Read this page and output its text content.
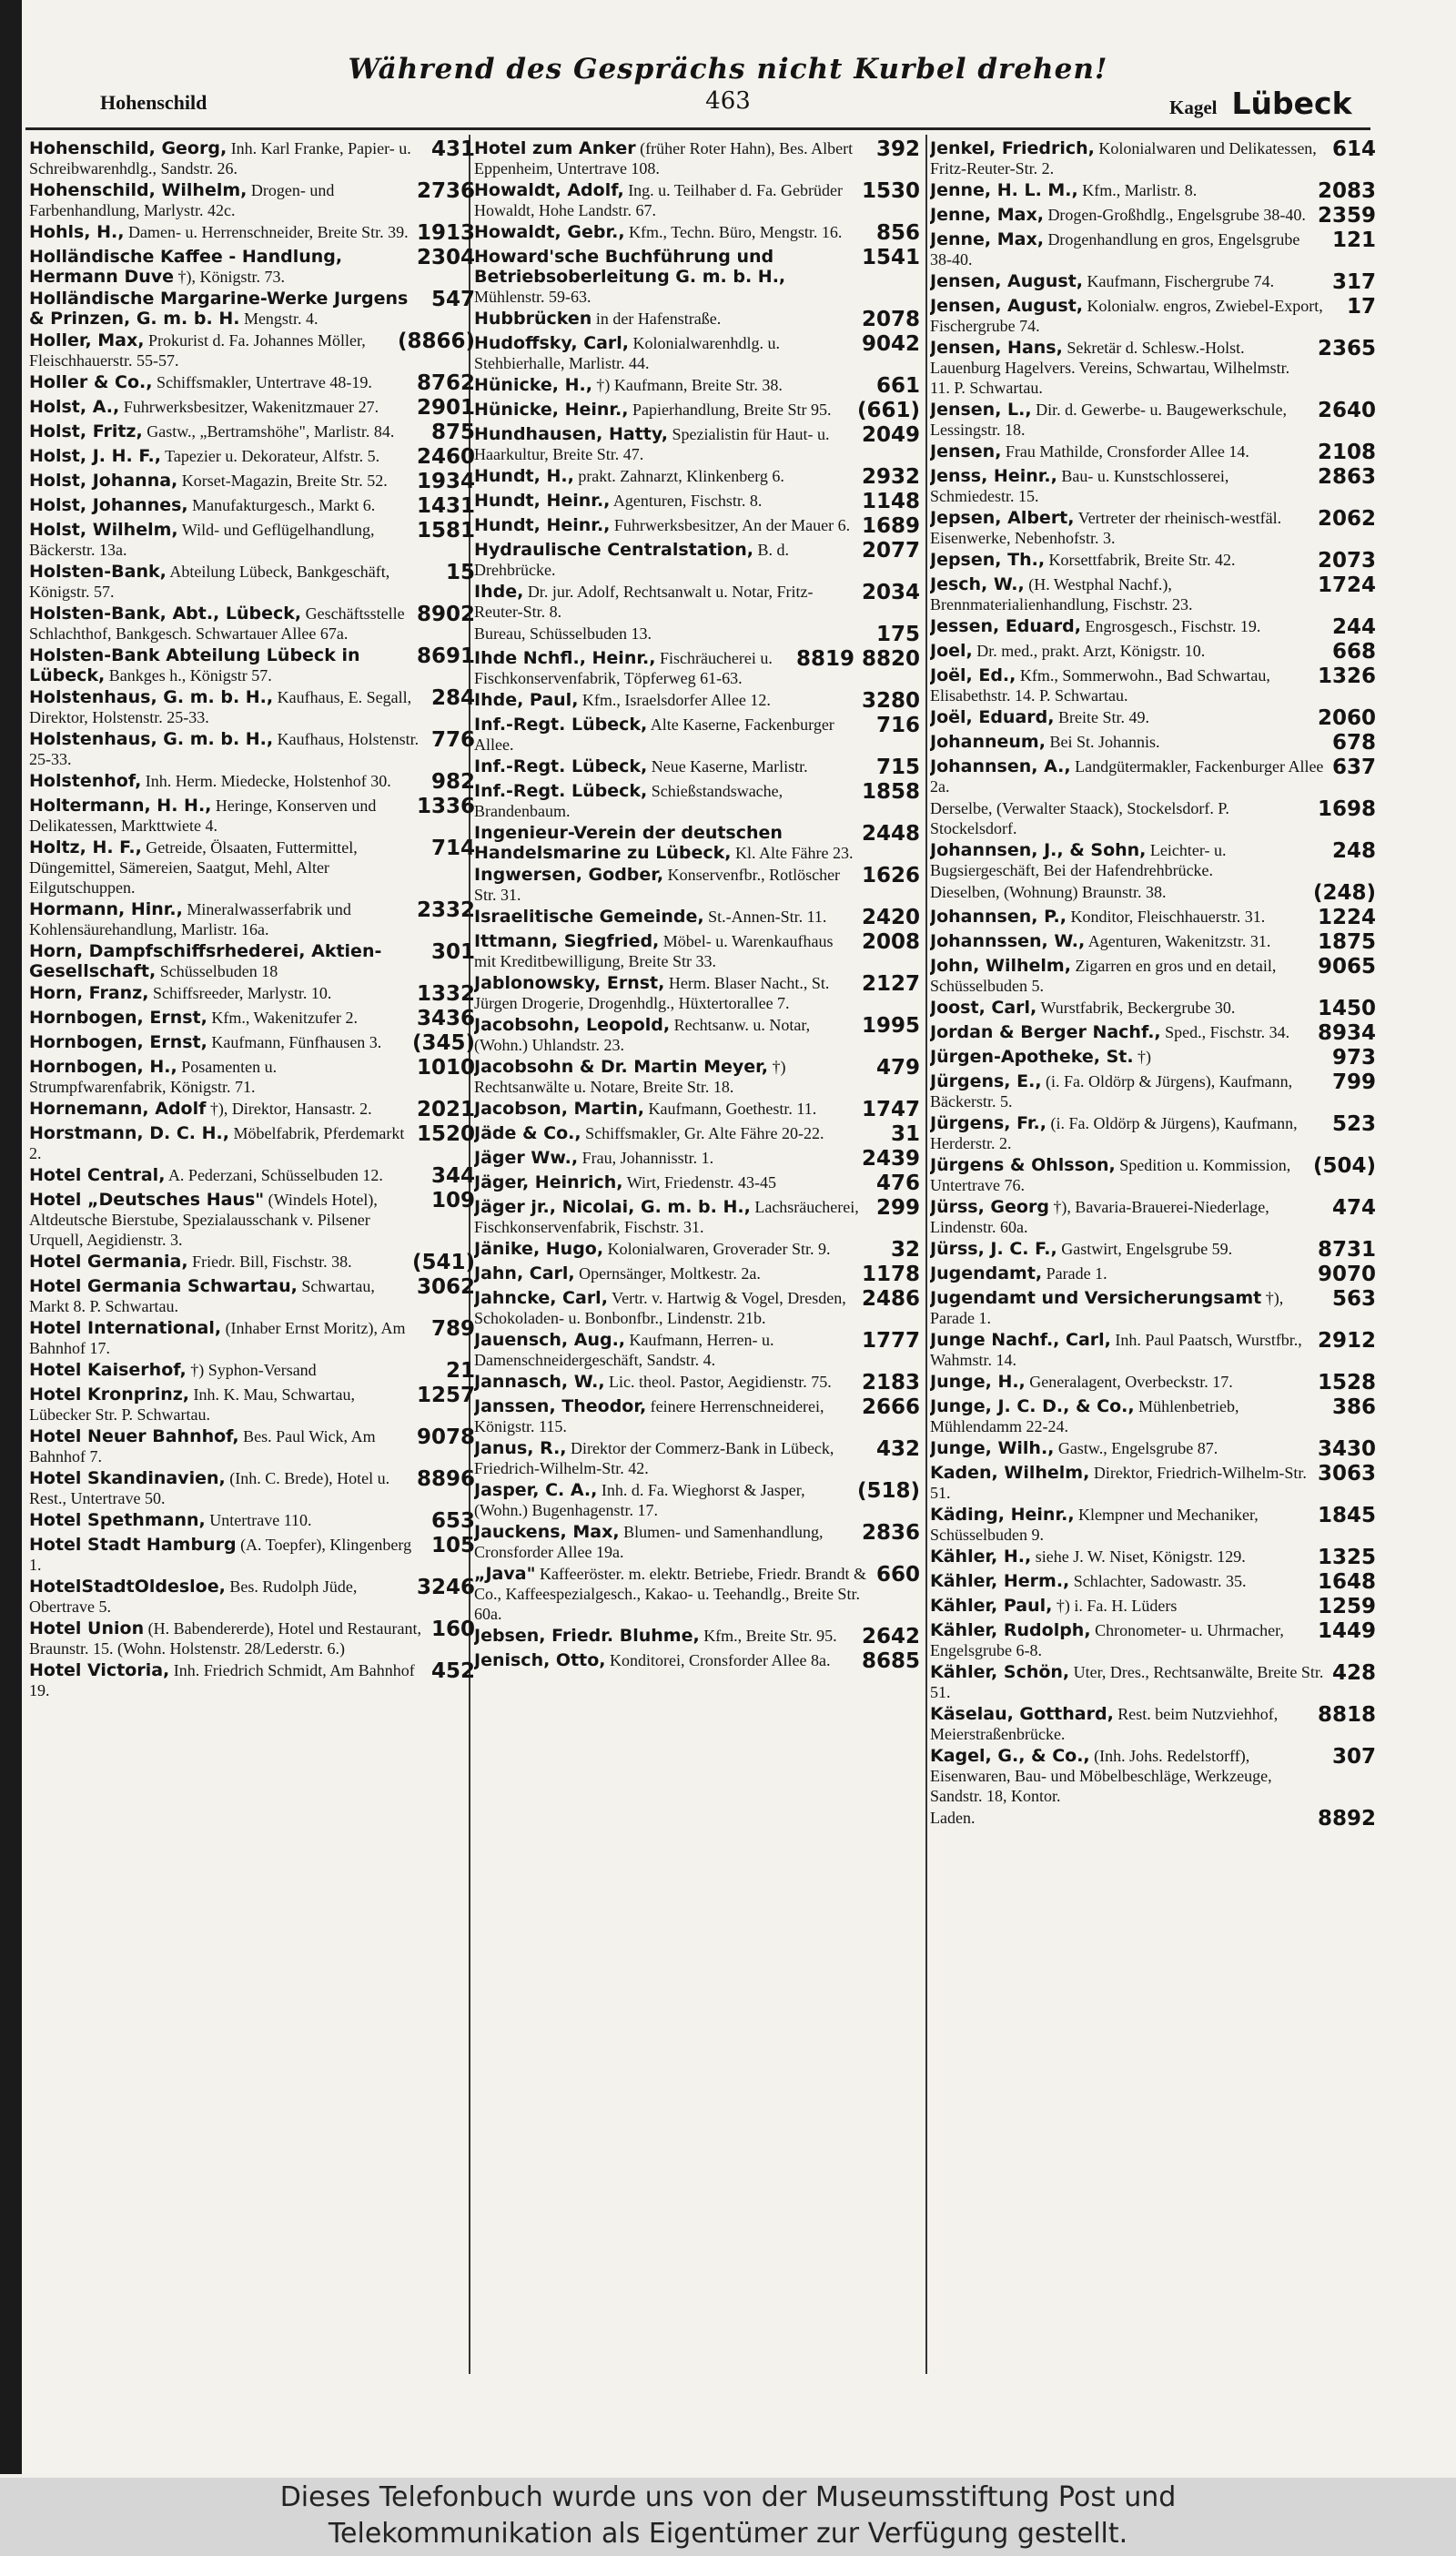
Während des Gesprächs nicht Kurbel drehen!
Hohenschild	463	Kagel Lübeck
431
Hohenschild, Georg, Inh. Karl Franke, Papier- u. Schreibwarenhdlg., Sandstr. 26.
2736
Hohenschild, Wilhelm, Drogen- und Farbenhandlung, Marlystr. 42c.
1913
Hohls, H., Damen- u. Herrenschneider, Breite Str. 39.
2304
Holländische Kaffee - Handlung, Hermann Duve †), Königstr. 73.
547
Holländische Margarine-Werke Jurgens & Prinzen, G. m. b. H. Mengstr. 4.
(8866)
Holler, Max, Prokurist d. Fa. Johannes Möller, Fleischhauerstr. 55-57.
8762
Holler & Co., Schiffsmakler, Untertrave 48-19.
2901
Holst, A., Fuhrwerksbesitzer, Wakenitzmauer 27.
875
Holst, Fritz, Gastw., „Bertramshöhe", Marlistr. 84.
2460
Holst, J. H. F., Tapezier u. Dekorateur, Alfstr. 5.
1934
Holst, Johanna, Korset-Magazin, Breite Str. 52.
1431
Holst, Johannes, Manufakturgesch., Markt 6.
1581
Holst, Wilhelm, Wild- und Geflügelhandlung, Bäckerstr. 13a.
15
Holsten-Bank, Abteilung Lübeck, Bankgeschäft, Königstr. 57.
8902
Holsten-Bank, Abt., Lübeck, Geschäftsstelle Schlachthof, Bankgesch. Schwartauer Allee 67a.
8691
Holsten-Bank Abteilung Lübeck in Lübeck, Bankges h., Königstr 57.
284
Holstenhaus, G. m. b. H., Kaufhaus, E. Segall, Direktor, Holstenstr. 25-33.
776
Holstenhaus, G. m. b. H., Kaufhaus, Holstenstr. 25-33.
982
Holstenhof, Inh. Herm. Miedecke, Holstenhof 30.
1336
Holtermann, H. H., Heringe, Konserven und Delikatessen, Markttwiete 4.
714
Holtz, H. F., Getreide, Ölsaaten, Futtermittel, Düngemittel, Sämereien, Saatgut, Mehl, Alter Eilgutschuppen.
2332
Hormann, Hinr., Mineralwasserfabrik und Kohlensäurehandlung, Marlistr. 16a.
301
Horn, Dampfschiffsrhederei, Aktien-Gesellschaft, Schüsselbuden 18
1332
Horn, Franz, Schiffsreeder, Marlystr. 10.
3436
Hornbogen, Ernst, Kfm., Wakenitzufer 2.
(345)
Hornbogen, Ernst, Kaufmann, Fünfhausen 3.
1010
Hornbogen, H., Posamenten u. Strumpfwarenfabrik, Königstr. 71.
2021
Hornemann, Adolf †), Direktor, Hansastr. 2.
1520
Horstmann, D. C. H., Möbelfabrik, Pferdemarkt 2.
344
Hotel Central, A. Pederzani, Schüsselbuden 12.
109
Hotel „Deutsches Haus" (Windels Hotel), Altdeutsche Bierstube, Spezialausschank v. Pilsener Urquell, Aegidienstr. 3.
(541)
Hotel Germania, Friedr. Bill, Fischstr. 38.
3062
Hotel Germania Schwartau, Schwartau, Markt 8. P. Schwartau.
789
Hotel International, (Inhaber Ernst Moritz), Am Bahnhof 17.
21
Hotel Kaiserhof, †) Syphon-Versand
1257
Hotel Kronprinz, Inh. K. Mau, Schwartau, Lübecker Str. P. Schwartau.
9078
Hotel Neuer Bahnhof, Bes. Paul Wick, Am Bahnhof 7.
8896
Hotel Skandinavien, (Inh. C. Brede), Hotel u. Rest., Untertrave 50.
653
Hotel Spethmann, Untertrave 110.
105
Hotel Stadt Hamburg (A. Toepfer), Klingenberg 1.
3246
HotelStadtOldesloe, Bes. Rudolph Jüde, Obertrave 5.
160
Hotel Union (H. Babendererde), Hotel und Restaurant, Braunstr. 15. (Wohn. Holstenstr. 28/Lederstr. 6.)
452
Hotel Victoria, Inh. Friedrich Schmidt, Am Bahnhof 19.
392
Hotel zum Anker (früher Roter Hahn), Bes. Albert Eppenheim, Untertrave 108.
1530
Howaldt, Adolf, Ing. u. Teilhaber d. Fa. Gebrüder Howaldt, Hohe Landstr. 67.
856
Howaldt, Gebr., Kfm., Techn. Büro, Mengstr. 16.
1541
Howard'sche Buchführung und Betriebsoberleitung G. m. b. H., Mühlenstr. 59-63.
2078
Hubbrücken in der Hafenstraße.
9042
Hudoffsky, Carl, Kolonialwarenhdlg. u. Stehbierhalle, Marlistr. 44.
661
Hünicke, H., †) Kaufmann, Breite Str. 38.
(661)
Hünicke, Heinr., Papierhandlung, Breite Str 95.
2049
Hundhausen, Hatty, Spezialistin für Haut- u. Haarkultur, Breite Str. 47.
2932
Hundt, H., prakt. Zahnarzt, Klinkenberg 6.
1148
Hundt, Heinr., Agenturen, Fischstr. 8.
1689
Hundt, Heinr., Fuhrwerksbesitzer, An der Mauer 6.
2077
Hydraulische Centralstation, B. d. Drehbrücke.
2034
Ihde, Dr. jur. Adolf, Rechtsanwalt u. Notar, Fritz-Reuter-Str. 8.
175
Bureau, Schüsselbuden 13.
8819 8820
Ihde Nchfl., Heinr., Fischräucherei u. Fischkonservenfabrik, Töpferweg 61-63.
3280
Ihde, Paul, Kfm., Israelsdorfer Allee 12.
716
Inf.-Regt. Lübeck, Alte Kaserne, Fackenburger Allee.
715
Inf.-Regt. Lübeck, Neue Kaserne, Marlistr.
1858
Inf.-Regt. Lübeck, Schießstandswache, Brandenbaum.
2448
Ingenieur-Verein der deutschen Handelsmarine zu Lübeck, Kl. Alte Fähre 23.
1626
Ingwersen, Godber, Konservenfbr., Rotlöscher Str. 31.
2420
Israelitische Gemeinde, St.-Annen-Str. 11.
2008
Ittmann, Siegfried, Möbel- u. Warenkaufhaus mit Kreditbewilligung, Breite Str 33.
2127
Jablonowsky, Ernst, Herm. Blaser Nacht., St. Jürgen Drogerie, Drogenhdlg., Hüxtertorallee 7.
1995
Jacobsohn, Leopold, Rechtsanw. u. Notar, (Wohn.) Uhlandstr. 23.
479
Jacobsohn & Dr. Martin Meyer, †) Rechtsanwälte u. Notare, Breite Str. 18.
1747
Jacobson, Martin, Kaufmann, Goethestr. 11.
31
Jäde & Co., Schiffsmakler, Gr. Alte Fähre 20-22.
2439
Jäger Ww., Frau, Johannisstr. 1.
476
Jäger, Heinrich, Wirt, Friedenstr. 43-45
299
Jäger jr., Nicolai, G. m. b. H., Lachsräucherei, Fischkonservenfabrik, Fischstr. 31.
32
Jänike, Hugo, Kolonialwaren, Groverader Str. 9.
1178
Jahn, Carl, Opernsänger, Moltkestr. 2a.
2486
Jahncke, Carl, Vertr. v. Hartwig & Vogel, Dresden, Schokoladen- u. Bonbonfbr., Lindenstr. 21b.
1777
Jauensch, Aug., Kaufmann, Herren- u. Damenschneidergeschäft, Sandstr. 4.
2183
Jannasch, W., Lic. theol. Pastor, Aegidienstr. 75.
2666
Janssen, Theodor, feinere Herrenschneiderei, Königstr. 115.
432
Janus, R., Direktor der Commerz-Bank in Lübeck, Friedrich-Wilhelm-Str. 42.
(518)
Jasper, C. A., Inh. d. Fa. Wieghorst & Jasper, (Wohn.) Bugenhagenstr. 17.
2836
Jauckens, Max, Blumen- und Samenhandlung, Cronsforder Allee 19a.
660
„Java" Kaffeeröster. m. elektr. Betriebe, Friedr. Brandt & Co., Kaffeespezialgesch., Kakao- u. Teehandlg., Breite Str. 60a.
2642
Jebsen, Friedr. Bluhme, Kfm., Breite Str. 95.
8685
Jenisch, Otto, Konditorei, Cronsforder Allee 8a.
614
Jenkel, Friedrich, Kolonialwaren und Delikatessen, Fritz-Reuter-Str. 2.
2083
Jenne, H. L. M., Kfm., Marlistr. 8.
2359
Jenne, Max, Drogen-Großhdlg., Engelsgrube 38-40.
121
Jenne, Max, Drogenhandlung en gros, Engelsgrube 38-40.
317
Jensen, August, Kaufmann, Fischergrube 74.
17
Jensen, August, Kolonialw. engros, Zwiebel-Export, Fischergrube 74.
2365
Jensen, Hans, Sekretär d. Schlesw.-Holst. Lauenburg Hagelvers. Vereins, Schwartau, Wilhelmstr. 11. P. Schwartau.
2640
Jensen, L., Dir. d. Gewerbe- u. Baugewerkschule, Lessingstr. 18.
2108
Jensen, Frau Mathilde, Cronsforder Allee 14.
2863
Jenss, Heinr., Bau- u. Kunstschlosserei, Schmiedestr. 15.
2062
Jepsen, Albert, Vertreter der rheinisch-westfäl. Eisenwerke, Nebenhofstr. 3.
2073
Jepsen, Th., Korsettfabrik, Breite Str. 42.
1724
Jesch, W., (H. Westphal Nachf.), Brennmaterialienhandlung, Fischstr. 23.
244
Jessen, Eduard, Engrosgesch., Fischstr. 19.
668
Joel, Dr. med., prakt. Arzt, Königstr. 10.
1326
Joël, Ed., Kfm., Sommerwohn., Bad Schwartau, Elisabethstr. 14. P. Schwartau.
2060
Joël, Eduard, Breite Str. 49.
678
Johanneum, Bei St. Johannis.
637
Johannsen, A., Landgütermakler, Fackenburger Allee 2a.
1698
Derselbe, (Verwalter Staack), Stockelsdorf. P. Stockelsdorf.
248
Johannsen, J., & Sohn, Leichter- u. Bugsiergeschäft, Bei der Hafendrehbrücke.
(248)
Dieselben, (Wohnung) Braunstr. 38.
1224
Johannsen, P., Konditor, Fleischhauerstr. 31.
1875
Johannssen, W., Agenturen, Wakenitzstr. 31.
9065
John, Wilhelm, Zigarren en gros und en detail, Schüsselbuden 5.
1450
Joost, Carl, Wurstfabrik, Beckergrube 30.
8934
Jordan & Berger Nachf., Sped., Fischstr. 34.
973
Jürgen-Apotheke, St. †)
799
Jürgens, E., (i. Fa. Oldörp & Jürgens), Kaufmann, Bäckerstr. 5.
523
Jürgens, Fr., (i. Fa. Oldörp & Jürgens), Kaufmann, Herderstr. 2.
(504)
Jürgens & Ohlsson, Spedition u. Kommission, Untertrave 76.
474
Jürss, Georg †), Bavaria-Brauerei-Niederlage, Lindenstr. 60a.
8731
Jürss, J. C. F., Gastwirt, Engelsgrube 59.
9070
Jugendamt, Parade 1.
563
Jugendamt und Versicherungsamt †), Parade 1.
2912
Junge Nachf., Carl, Inh. Paul Paatsch, Wurstfbr., Wahmstr. 14.
1528
Junge, H., Generalagent, Overbeckstr. 17.
386
Junge, J. C. D., & Co., Mühlenbetrieb, Mühlendamm 22-24.
3430
Junge, Wilh., Gastw., Engelsgrube 87.
3063
Kaden, Wilhelm, Direktor, Friedrich-Wilhelm-Str. 51.
1845
Käding, Heinr., Klempner und Mechaniker, Schüsselbuden 9.
1325
Kähler, H., siehe J. W. Niset, Königstr. 129.
1648
Kähler, Herm., Schlachter, Sadowastr. 35.
1259
Kähler, Paul, †) i. Fa. H. Lüders
1449
Kähler, Rudolph, Chronometer- u. Uhrmacher, Engelsgrube 6-8.
428
Kähler, Schön, Uter, Dres., Rechtsanwälte, Breite Str. 51.
8818
Käselau, Gotthard, Rest. beim Nutzviehhof, Meierstraßenbrücke.
307
Kagel, G., & Co., (Inh. Johs. Redelstorff), Eisenwaren, Bau- und Möbelbeschläge, Werkzeuge, Sandstr. 18, Kontor.
8892
Laden.
Dieses Telefonbuch wurde uns von der Museumsstiftung Post und
Telekommunikation als Eigentümer zur Verfügung gestellt.
